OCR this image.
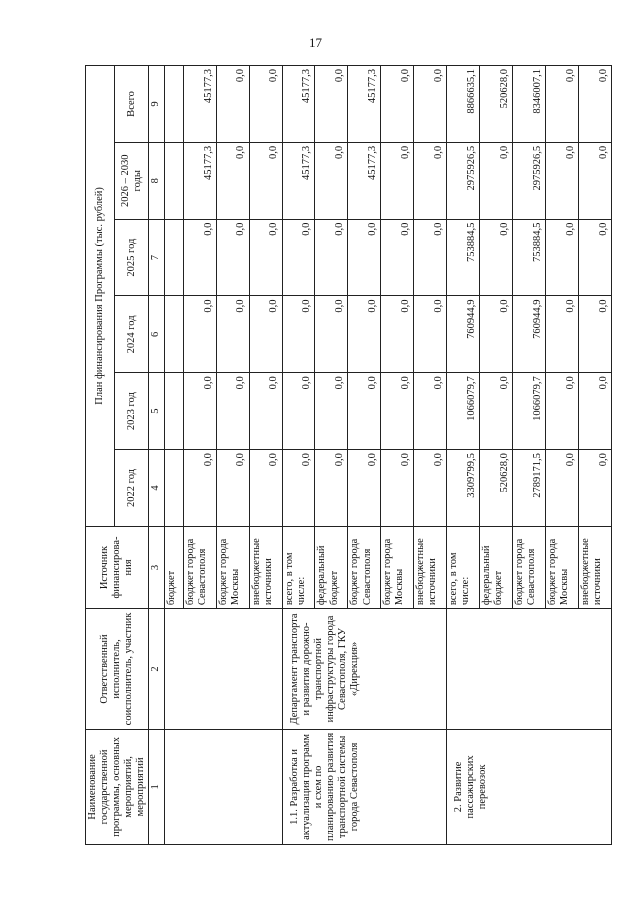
17
Наименование государственной программы, основных мероприятий, мероприятий	Ответственный исполнитель, соисполнитель, участник	Источник финансирова-ния	План финансирования Программы (тыс. рублей)					
			2022 год	2023 год	2024 год	2025 год	2026 – 2030 годы	Всего
1	2	3	4	5	6	7	8	9
		бюджет						
		бюджет города Севастополя	0,0	0,0	0,0	0,0	45177,3	45177,3
		бюджет города Москвы	0,0	0,0	0,0	0,0	0,0	0,0
		внебюджетные источники	0,0	0,0	0,0	0,0	0,0	0,0
1.1. Разработка и актуализация программ и схем по планированию развития транспортной системы города Севастополя	Департамент транспорта и развития дорожно-транспортной инфраструктуры города Севастополя, ГКУ «Дирекция»	всего, в том числе:	0,0	0,0	0,0	0,0	45177,3	45177,3
		федеральный бюджет	0,0	0,0	0,0	0,0	0,0	0,0
		бюджет города Севастополя	0,0	0,0	0,0	0,0	45177,3	45177,3
		бюджет города Москвы	0,0	0,0	0,0	0,0	0,0	0,0
		внебюджетные источники	0,0	0,0	0,0	0,0	0,0	0,0
2. Развитие пассажирских перевозок		всего, в том числе:	3309799,5	1066079,7	760944,9	753884,5	2975926,5	8866635,1
		федеральный бюджет	520628,0	0,0	0,0	0,0	0,0	520628,0
		бюджет города Севастополя	2789171,5	1066079,7	760944,9	753884,5	2975926,5	8346007,1
		бюджет города Москвы	0,0	0,0	0,0	0,0	0,0	0,0
		внебюджетные источники	0,0	0,0	0,0	0,0	0,0	0,0
